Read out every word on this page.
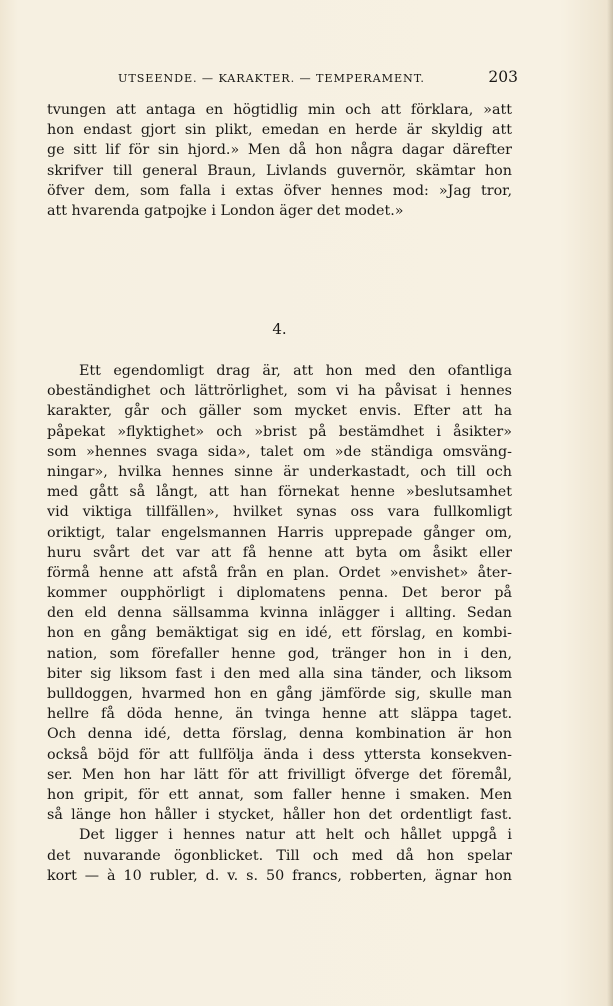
UTSEENDE. — KARAKTER. — TEMPERAMENT.	203
tvungen att antaga en högtidlig min och att förklara, »att
hon endast gjort sin plikt, emedan en herde är skyldig att
ge sitt lif för sin hjord.» Men då hon några dagar därefter
skrifver till general Braun, Livlands guvernör, skämtar hon
öfver dem, som falla i extas öfver hennes mod: »Jag tror,
att hvarenda gatpojke i London äger det modet.»
4.
Ett egendomligt drag är, att hon med den ofantliga
obeständighet och lättrörlighet, som vi ha påvisat i hennes
karakter, går och gäller som mycket envis. Efter att ha
påpekat »flyktighet» och »brist på bestämdhet i åsikter»
som »hennes svaga sida», talet om »de ständiga omsväng-
ningar», hvilka hennes sinne är underkastadt, och till och
med gått så långt, att han förnekat henne »beslutsamhet
vid viktiga tillfällen», hvilket synas oss vara fullkomligt
oriktigt, talar engelsmannen Harris upprepade gånger om,
huru svårt det var att få henne att byta om åsikt eller
förmå henne att afstå från en plan. Ordet »envishet» åter-
kommer oupphörligt i diplomatens penna. Det beror på
den eld denna sällsamma kvinna inlägger i allting. Sedan
hon en gång bemäktigat sig en idé, ett förslag, en kombi-
nation, som förefaller henne god, tränger hon in i den,
biter sig liksom fast i den med alla sina tänder, och liksom
bulldoggen, hvarmed hon en gång jämförde sig, skulle man
hellre få döda henne, än tvinga henne att släppa taget.
Och denna idé, detta förslag, denna kombination är hon
också böjd för att fullfölja ända i dess yttersta konsekven-
ser. Men hon har lätt för att frivilligt öfverge det föremål,
hon gripit, för ett annat, som faller henne i smaken. Men
så länge hon håller i stycket, håller hon det ordentligt fast.
Det ligger i hennes natur att helt och hållet uppgå i
det nuvarande ögonblicket. Till och med då hon spelar
kort — à 10 rubler, d. v. s. 50 francs, robberten, ägnar hon
